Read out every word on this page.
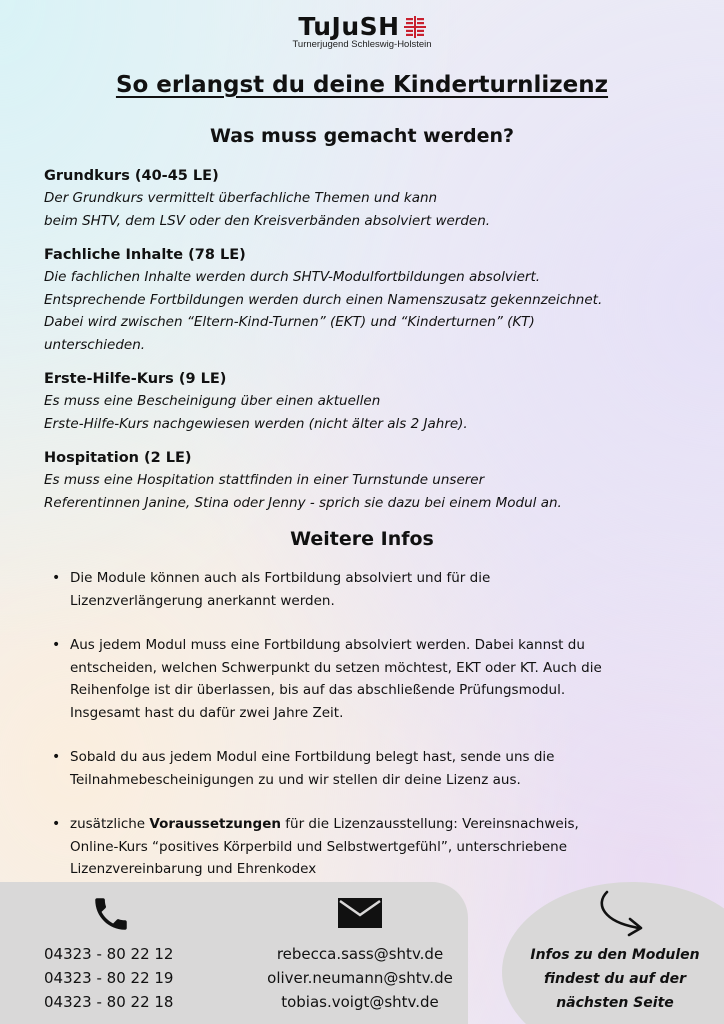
TuJuSH
Turnerjugend Schleswig-Holstein
So erlangst du deine Kinderturnlizenz
Was muss gemacht werden?
Grundkurs (40-45 LE)
Der Grundkurs vermittelt überfachliche Themen und kann
beim SHTV, dem LSV oder den Kreisverbänden absolviert werden.
Fachliche Inhalte (78 LE)
Die fachlichen Inhalte werden durch SHTV-Modulfortbildungen absolviert.
Entsprechende Fortbildungen werden durch einen Namenszusatz gekennzeichnet.
Dabei wird zwischen “Eltern-Kind-Turnen” (EKT) und “Kinderturnen” (KT)
unterschieden.
Erste-Hilfe-Kurs (9 LE)
Es muss eine Bescheinigung über einen aktuellen
Erste-Hilfe-Kurs nachgewiesen werden (nicht älter als 2 Jahre).
Hospitation (2 LE)
Es muss eine Hospitation stattfinden in einer Turnstunde unserer
Referentinnen Janine, Stina oder Jenny - sprich sie dazu bei einem Modul an.
Weitere Infos
• Die Module können auch als Fortbildung absolviert und für die
Lizenzverlängerung anerkannt werden.
• Aus jedem Modul muss eine Fortbildung absolviert werden. Dabei kannst du
entscheiden, welchen Schwerpunkt du setzen möchtest, EKT oder KT. Auch die
Reihenfolge ist dir überlassen, bis auf das abschließende Prüfungsmodul.
Insgesamt hast du dafür zwei Jahre Zeit.
• Sobald du aus jedem Modul eine Fortbildung belegt hast, sende uns die
Teilnahmebescheinigungen zu und wir stellen dir deine Lizenz aus.
• zusätzliche Voraussetzungen für die Lizenzausstellung: Vereinsnachweis,
Online-Kurs “positives Körperbild und Selbstwertgefühl”, unterschriebene
Lizenzvereinbarung und Ehrenkodex
04323 - 80 22 12
04323 - 80 22 19
04323 - 80 22 18
rebecca.sass@shtv.de
oliver.neumann@shtv.de
tobias.voigt@shtv.de
Infos zu den Modulen
findest du auf der
nächsten Seite
